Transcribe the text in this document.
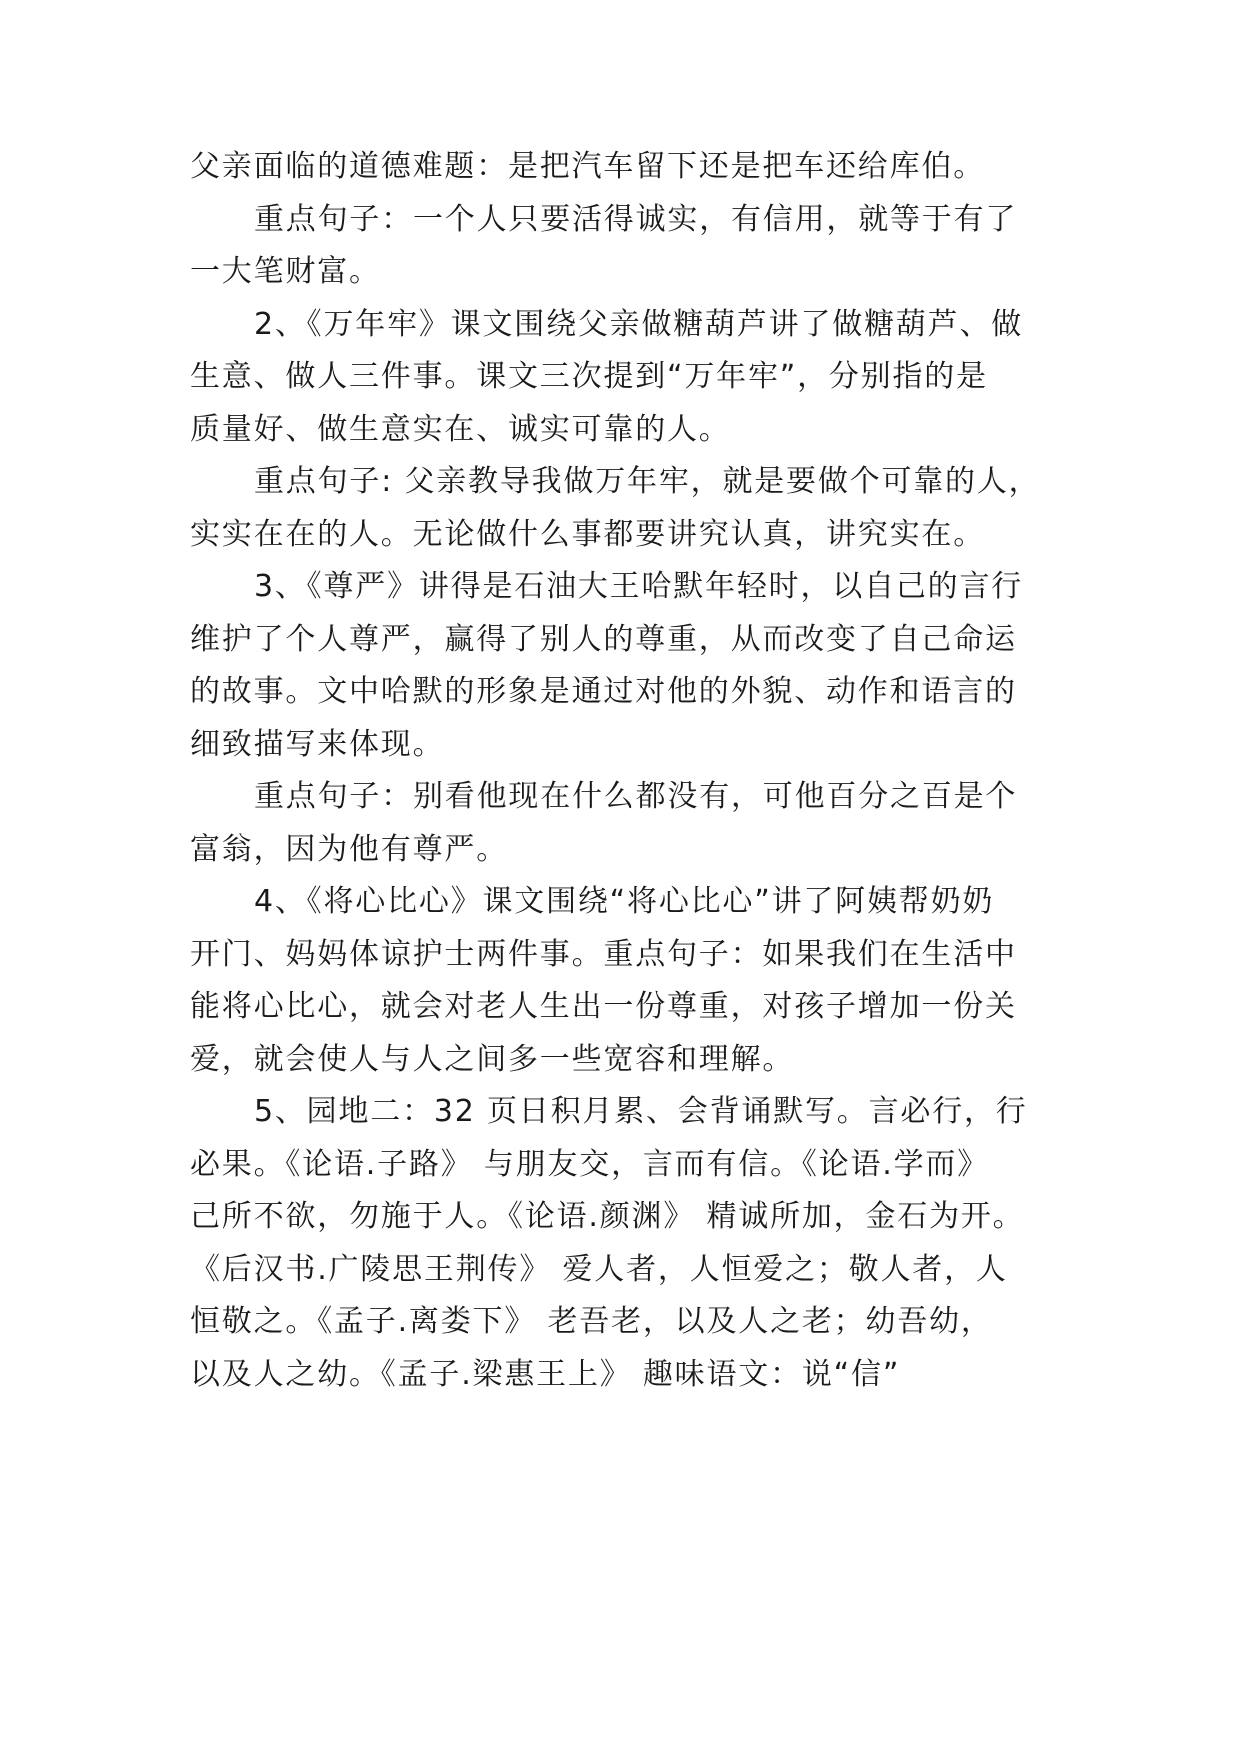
父亲面临的道德难题：是把汽车留下还是把车还给库伯。
重点句子：一个人只要活得诚实，有信用，就等于有了
一大笔财富。
2、《万年牢》课文围绕父亲做糖葫芦讲了做糖葫芦、做
生意、做人三件事。课文三次提到“万年牢”，分别指的是
质量好、做生意实在、诚实可靠的人。
重点句子: 父亲教导我做万年牢，就是要做个可靠的人，
实实在在的人。无论做什么事都要讲究认真，讲究实在。
3、《尊严》讲得是石油大王哈默年轻时，以自己的言行
维护了个人尊严，赢得了别人的尊重，从而改变了自己命运
的故事。文中哈默的形象是通过对他的外貌、动作和语言的
细致描写来体现。
重点句子：别看他现在什么都没有，可他百分之百是个
富翁，因为他有尊严。
4、《将心比心》课文围绕“将心比心”讲了阿姨帮奶奶
开门、妈妈体谅护士两件事。重点句子：如果我们在生活中
能将心比心，就会对老人生出一份尊重，对孩子增加一份关
爱，就会使人与人之间多一些宽容和理解。
5、园地二：32 页日积月累、会背诵默写。言必行，行
必果。《论语.子路》 与朋友交，言而有信。《论语.学而》
己所不欲，勿施于人。《论语.颜渊》 精诚所加，金石为开。
《后汉书.广陵思王荆传》 爱人者，人恒爱之；敬人者，人
恒敬之。《孟子.离娄下》 老吾老，以及人之老；幼吾幼，
以及人之幼。《孟子.梁惠王上》 趣味语文：说“信”
